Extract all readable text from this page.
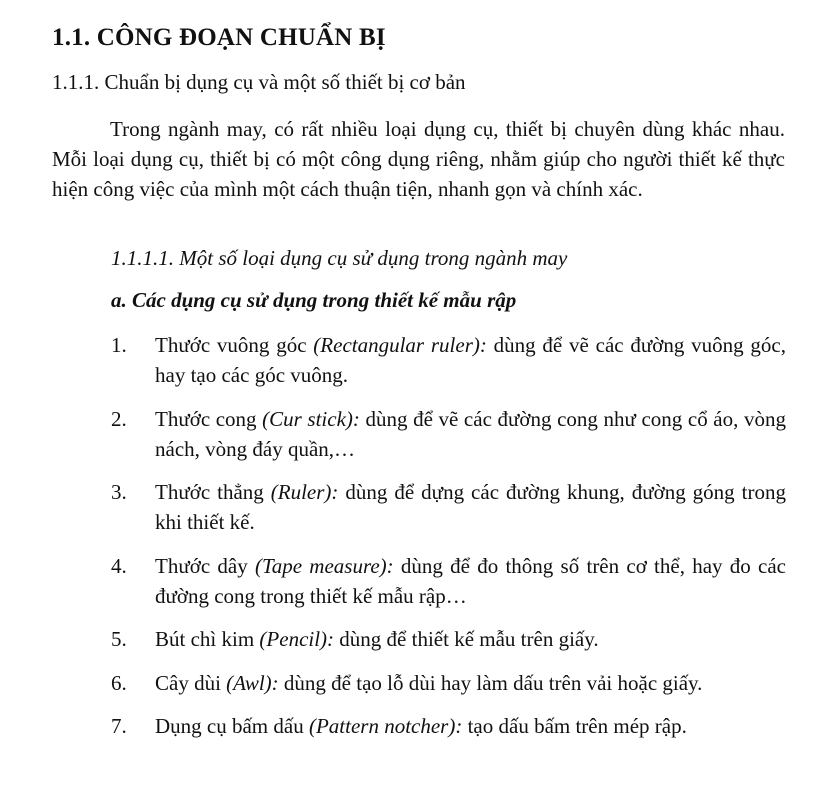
1.1. CÔNG ĐOẠN CHUẨN BỊ
1.1.1. Chuẩn bị dụng cụ và một số thiết bị cơ bản

Trong ngành may, có rất nhiều loại dụng cụ, thiết bị chuyên dùng khác nhau. Mỗi loại dụng cụ, thiết bị có một công dụng riêng, nhằm giúp cho người thiết kế thực hiện công việc của mình một cách thuận tiện, nhanh gọn và chính xác.

1.1.1.1. Một số loại dụng cụ sử dụng trong ngành may
a. Các dụng cụ sử dụng trong thiết kế mẫu rập
1. Thước vuông góc (Rectangular ruler): dùng để vẽ các đường vuông góc, hay tạo các góc vuông.
2. Thước cong (Cur stick): dùng để vẽ các đường cong như cong cổ áo, vòng nách, vòng đáy quần,…
3. Thước thẳng (Ruler): dùng để dựng các đường khung, đường góng trong khi thiết kế.
4. Thước dây (Tape measure): dùng để đo thông số trên cơ thể, hay đo các đường cong trong thiết kế mẫu rập…
5. Bút chì kim (Pencil): dùng để thiết kế mẫu trên giấy.
6. Cây dùi (Awl): dùng để tạo lỗ dùi hay làm dấu trên vải hoặc giấy.
7. Dụng cụ bấm dấu (Pattern notcher): tạo dấu bấm trên mép rập.
